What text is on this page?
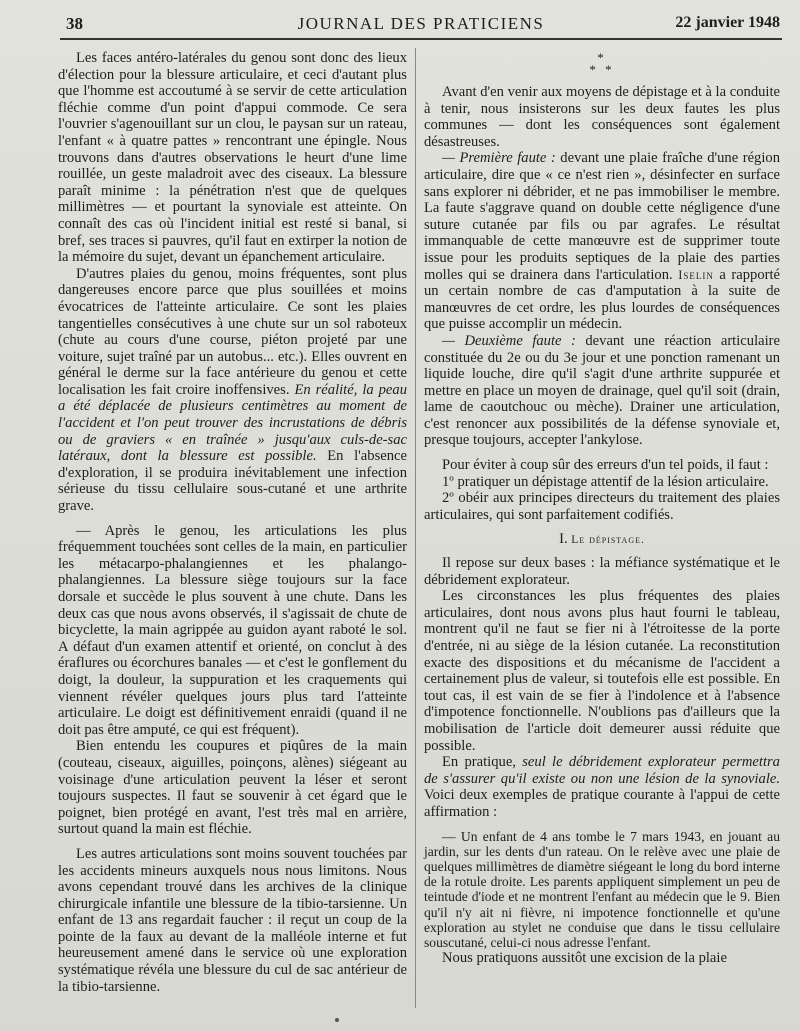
38	JOURNAL DES PRATICIENS	22 janvier 1948

Les faces antéro-latérales du genou sont donc des lieux d'élection pour la blessure articulaire, et ceci d'autant plus que l'homme est accoutumé à se servir de cette articulation fléchie comme d'un point d'appui commode. Ce sera l'ouvrier s'agenouillant sur un clou, le paysan sur un rateau, l'enfant « à quatre pattes » rencontrant une épingle. Nous trouvons dans d'autres observations le heurt d'une lime rouillée, un geste maladroit avec des ciseaux. La blessure paraît minime : la pénétration n'est que de quelques millimètres — et pourtant la synoviale est atteinte. On connaît des cas où l'incident initial est resté si banal, si bref, ses traces si pauvres, qu'il faut en extirper la notion de la mémoire du sujet, devant un épanchement articulaire.

D'autres plaies du genou, moins fréquentes, sont plus dangereuses encore parce que plus souillées et moins évocatrices de l'atteinte articulaire. Ce sont les plaies tangentielles consécutives à une chute sur un sol raboteux (chute au cours d'une course, piéton projeté par une voiture, sujet traîné par un autobus... etc.). Elles ouvrent en général le derme sur la face antérieure du genou et cette localisation les fait croire inoffensives. En réalité, la peau a été déplacée de plusieurs centimètres au moment de l'accident et l'on peut trouver des incrustations de débris ou de graviers « en traînée » jusqu'aux culs-de-sac latéraux, dont la blessure est possible. En l'absence d'exploration, il se produira inévitablement une infection sérieuse du tissu cellulaire sous-cutané et une arthrite grave.

— Après le genou, les articulations les plus fréquemment touchées sont celles de la main, en particulier les métacarpo-phalangiennes et les phalango-phalangiennes. La blessure siège toujours sur la face dorsale et succède le plus souvent à une chute. Dans les deux cas que nous avons observés, il s'agissait de chute de bicyclette, la main agrippée au guidon ayant raboté le sol. A défaut d'un examen attentif et orienté, on conclut à des éraflures ou écorchures banales — et c'est le gonflement du doigt, la douleur, la suppuration et les craquements qui viennent révéler quelques jours plus tard l'atteinte articulaire. Le doigt est définitivement enraidi (quand il ne doit pas être amputé, ce qui est fréquent).

Bien entendu les coupures et piqûres de la main (couteau, ciseaux, aiguilles, poinçons, alènes) siégeant au voisinage d'une articulation peuvent la léser et seront toujours suspectes. Il faut se souvenir à cet égard que le poignet, bien protégé en avant, l'est très mal en arrière, surtout quand la main est fléchie.

Les autres articulations sont moins souvent touchées par les accidents mineurs auxquels nous nous limitons. Nous avons cependant trouvé dans les archives de la clinique chirurgicale infantile une blessure de la tibio-tarsienne. Un enfant de 13 ans regardait faucher : il reçut un coup de la pointe de la faux au devant de la malléole interne et fut heureusement amené dans le service où une exploration systématique révéla une blessure du cul de sac antérieur de la tibio-tarsienne.

*
* *

Avant d'en venir aux moyens de dépistage et à la conduite à tenir, nous insisterons sur les deux fautes les plus communes — dont les conséquences sont également désastreuses.

— Première faute : devant une plaie fraîche d'une région articulaire, dire que « ce n'est rien », désinfecter en surface sans explorer ni débrider, et ne pas immobiliser le membre. La faute s'aggrave quand on double cette négligence d'une suture cutanée par fils ou par agrafes. Le résultat immanquable de cette manœuvre est de supprimer toute issue pour les produits septiques de la plaie des parties molles qui se drainera dans l'articulation. Iselin a rapporté un certain nombre de cas d'amputation à la suite de manœuvres de cet ordre, les plus lourdes de conséquences que puisse accomplir un médecin.

— Deuxième faute : devant une réaction articulaire constituée du 2e ou du 3e jour et une ponction ramenant un liquide louche, dire qu'il s'agit d'une arthrite suppurée et mettre en place un moyen de drainage, quel qu'il soit (drain, lame de caoutchouc ou mèche). Drainer une articulation, c'est renoncer aux possibilités de la défense synoviale et, presque toujours, accepter l'ankylose.

Pour éviter à coup sûr des erreurs d'un tel poids, il faut :

1º pratiquer un dépistage attentif de la lésion articulaire.

2º obéir aux principes directeurs du traitement des plaies articulaires, qui sont parfaitement codifiés.

I. Le dépistage.

Il repose sur deux bases : la méfiance systématique et le débridement explorateur.

Les circonstances les plus fréquentes des plaies articulaires, dont nous avons plus haut fourni le tableau, montrent qu'il ne faut se fier ni à l'étroitesse de la porte d'entrée, ni au siège de la lésion cutanée. La reconstitution exacte des dispositions et du mécanisme de l'accident a certainement plus de valeur, si toutefois elle est possible. En tout cas, il est vain de se fier à l'indolence et à l'absence d'impotence fonctionnelle. N'oublions pas d'ailleurs que la mobilisation de l'article doit demeurer aussi réduite que possible.

En pratique, seul le débridement explorateur permettra de s'assurer qu'il existe ou non une lésion de la synoviale. Voici deux exemples de pratique courante à l'appui de cette affirmation :

— Un enfant de 4 ans tombe le 7 mars 1943, en jouant au jardin, sur les dents d'un rateau. On le relève avec une plaie de quelques millimètres de diamètre siégeant le long du bord interne de la rotule droite. Les parents appliquent simplement un peu de teintude d'iode et ne montrent l'enfant au médecin que le 9. Bien qu'il n'y ait ni fièvre, ni impotence fonctionnelle et qu'une exploration au stylet ne conduise que dans le tissu cellulaire souscutané, celui-ci nous adresse l'enfant.

Nous pratiquons aussitôt une excision de la plaie
